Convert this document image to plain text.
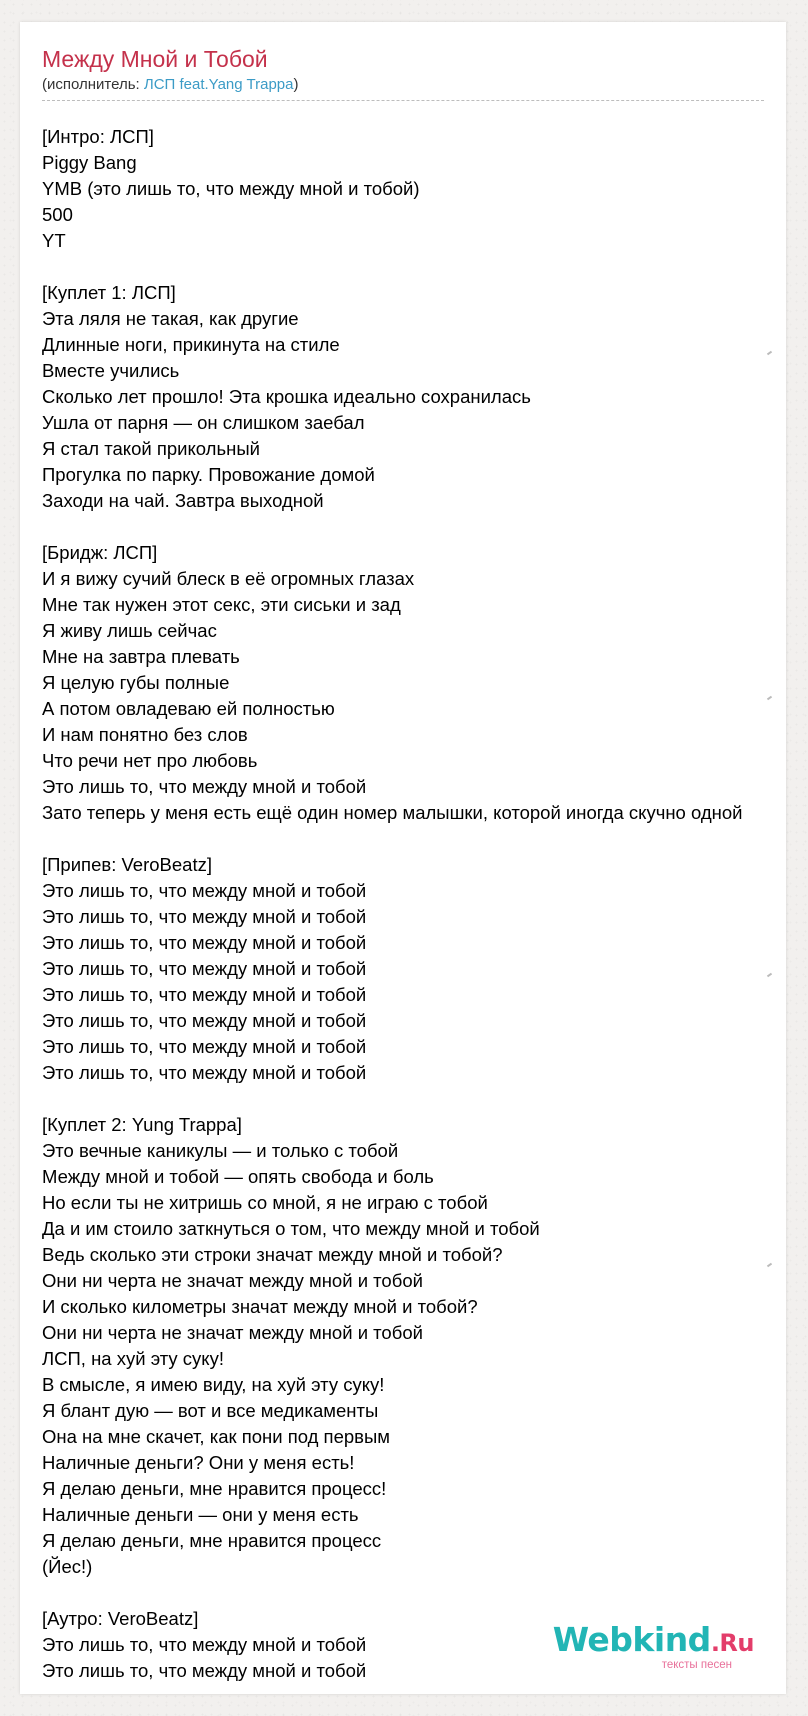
Между Мной и Тобой
(исполнитель: ЛСП feat.Yang Trappa)
[Интро: ЛСП]
Piggy Bang
YMB (это лишь то, что между мной и тобой)
500
YT
[Куплет 1: ЛСП]
Эта ляля не такая, как другие
Длинные ноги, прикинута на стиле
Вместе учились
Сколько лет прошло! Эта крошка идеально сохранилась
Ушла от парня — он слишком заебал
Я стал такой прикольный
Прогулка по парку. Провожание домой
Заходи на чай. Завтра выходной
[Бридж: ЛСП]
И я вижу сучий блеск в её огромных глазах
Мне так нужен этот секс, эти сиськи и зад
Я живу лишь сейчас
Мне на завтра плевать
Я целую губы полные
А потом овладеваю ей полностью
И нам понятно без слов
Что речи нет про любовь
Это лишь то, что между мной и тобой
Зато теперь у меня есть ещё один номер малышки, которой иногда скучно одной
[Припев: VeroBeatz]
Это лишь то, что между мной и тобой
Это лишь то, что между мной и тобой
Это лишь то, что между мной и тобой
Это лишь то, что между мной и тобой
Это лишь то, что между мной и тобой
Это лишь то, что между мной и тобой
Это лишь то, что между мной и тобой
Это лишь то, что между мной и тобой
[Куплет 2: Yung Trappa]
Это вечные каникулы — и только с тобой
Между мной и тобой — опять свобода и боль
Но если ты не хитришь со мной, я не играю с тобой
Да и им стоило заткнуться о том, что между мной и тобой
Ведь сколько эти строки значат между мной и тобой?
Они ни черта не значат между мной и тобой
И сколько километры значат между мной и тобой?
Они ни черта не значат между мной и тобой
ЛСП, на хуй эту суку!
В смысле, я имею виду, на хуй эту суку!
Я блант дую — вот и все медикаменты
Она на мне скачет, как пони под первым
Наличные деньги? Они у меня есть!
Я делаю деньги, мне нравится процесс!
Наличные деньги — они у меня есть
Я делаю деньги, мне нравится процесс
(Йес!)
[Аутро: VeroBeatz]
Это лишь то, что между мной и тобой
Это лишь то, что между мной и тобой
Webkind.Ru
тексты песен
